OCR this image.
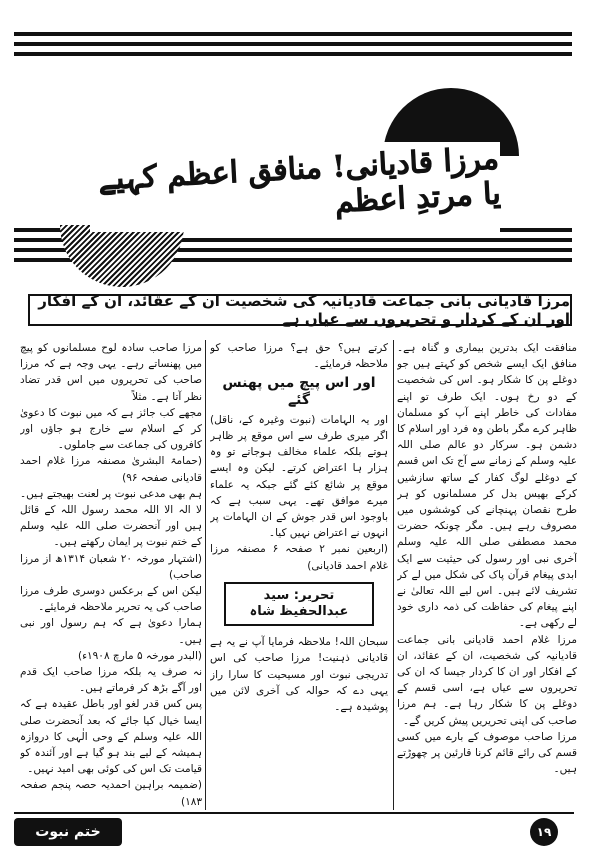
مرزا قادیانی! منافق اعظم کہیے یا مرتدِ اعظم
مرزا قادیانی بانی جماعت قادیانیہ کی شخصیت ان کے عقائد، ان کے افکار اور ان کے کردار و تحریروں سے عیاں ہے

منافقت ایک بدترین بیماری و گناہ ہے۔ منافق ایک ایسے شخص کو کہتے ہیں جو دوغلے پن کا شکار ہو۔ اس کی شخصیت کے دو رخ ہوں۔ ایک طرف تو اپنے مفادات کی خاطر اپنے آپ کو مسلمان ظاہر کرے مگر باطن وہ فرد اور اسلام کا دشمن ہو۔ سرکار دو عالم صلی اللہ علیہ وسلم کے زمانے سے آج تک اس قسم کے دوغلے لوگ کفار کے ساتھ سازشیں کرکے بھیس بدل کر مسلمانوں کو ہر طرح نقصان پہنچانے کی کوششوں میں مصروف رہے ہیں۔ مگر چونکہ حضرت محمد مصطفی صلی اللہ علیہ وسلم آخری نبی اور رسول کی حیثیت سے ایک ابدی پیغام قرآن پاک کی شکل میں لے کر تشریف لائے ہیں۔ اس لیے اللہ تعالیٰ نے اپنے پیغام کی حفاظت کی ذمہ داری خود لے رکھی ہے۔

مرزا غلام احمد قادیانی بانی جماعت قادیانیہ کی شخصیت، ان کے عقائد، ان کے افکار اور ان کا کردار جیسا کہ ان کی تحریروں سے عیاں ہے، اسی قسم کے دوغلے پن کا شکار رہا ہے۔ ہم مرزا صاحب کی اپنی تحریریں پیش کریں گے۔

مرزا صاحب موصوف کے بارے میں کسی قسم کی رائے قائم کرنا قارئین پر چھوڑتے ہیں۔

کرتے ہیں؟ حق ہے؟ مرزا صاحب کو ملاحظہ فرمایئے۔

اور اس پیچ میں پھنس گئے

اور یہ الہامات (نبوت وغیرہ کے، ناقل) اگر میری طرف سے اس موقع پر ظاہر ہوتے بلکہ علماء مخالف ہوجاتے تو وہ ہزار ہا اعتراض کرتے۔ لیکن وہ ایسے موقع پر شائع کئے گئے جبکہ یہ علماء میرے موافق تھے۔ یہی سبب ہے کہ باوجود اس قدر جوش کے ان الہامات پر انہوں نے اعتراض نہیں کیا۔

(اربعین نمبر ۲ صفحہ ۶ مصنفہ مرزا غلام احمد قادیانی)

تحریر: سید عبدالحفیظ شاہ

سبحان اللہ! ملاحظہ فرمایا آپ نے یہ ہے قادیانی ذہنیت! مرزا صاحب کی اس تدریجی نبوت اور مسیحیت کا سارا راز یہی دے کہ حوالہ کی آخری لائن میں پوشیدہ ہے۔

مرزا صاحب سادہ لوح مسلمانوں کو پیچ میں پھنساتے رہے۔ یہی وجہ ہے کہ مرزا صاحب کی تحریروں میں اس قدر تضاد نظر آتا ہے۔ مثلاً

مجھے کب جائز ہے کہ میں نبوت کا دعویٰ کر کے اسلام سے خارج ہو جاؤں اور کافروں کی جماعت سے جاملوں۔

(حمامۃ البشریٰ مصنفہ مرزا غلام احمد قادیانی صفحہ ۹۶)

ہم بھی مدعی نبوت پر لعنت بھیجتے ہیں۔ لا الہ الا اللہ محمد رسول اللہ کے قائل ہیں اور آنحضرت صلی اللہ علیہ وسلم کے ختم نبوت پر ایمان رکھتے ہیں۔

(اشتہار مورخہ ۲۰ شعبان ۱۳۱۴ھ از مرزا صاحب)

لیکن اس کے برعکس دوسری طرف مرزا صاحب کی یہ تحریر ملاحظہ فرمایئے۔

ہمارا دعویٰ ہے کہ ہم رسول اور نبی ہیں۔

(البدر مورخہ ۵ مارچ ۱۹۰۸ء)

نہ صرف یہ بلکہ مرزا صاحب ایک قدم اور آگے بڑھ کر فرماتے ہیں۔

پس کس قدر لغو اور باطل عقیدہ ہے کہ ایسا خیال کیا جائے کہ بعد آنحضرت صلی اللہ علیہ وسلم کے وحی الٰہی کا دروازہ ہمیشہ کے لیے بند ہو گیا ہے اور آئندہ کو قیامت تک اس کی کوئی بھی امید نہیں۔

(ضمیمہ براہین احمدیہ حصہ پنجم صفحہ ۱۸۳)

ختم نبوت	۱۹
